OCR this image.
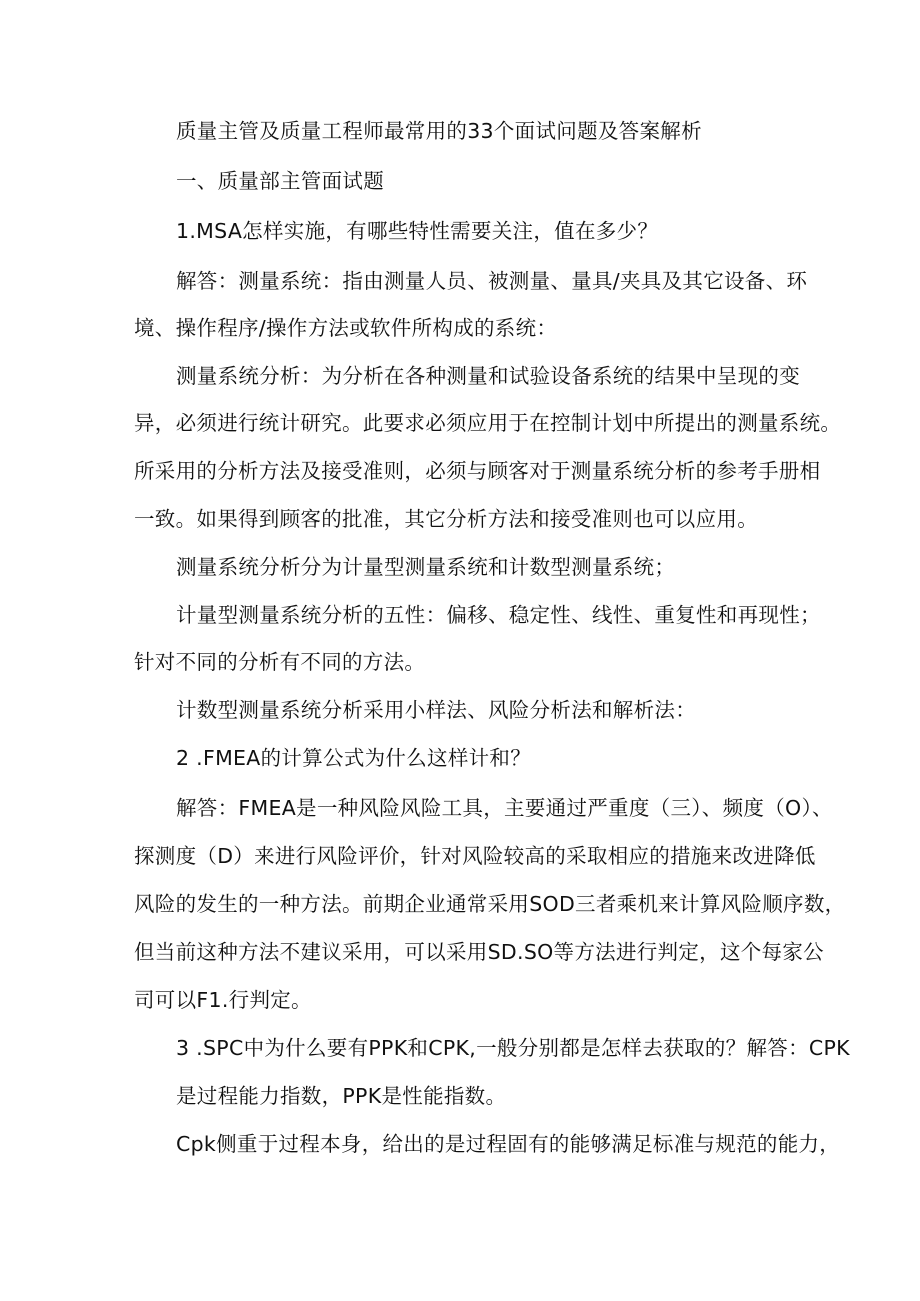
质量主管及质量工程师最常用的33个面试问题及答案解析
一、质量部主管面试题
1.MSA怎样实施，有哪些特性需要关注，值在多少？
解答：测量系统：指由测量人员、被测量、量具/夹具及其它设备、环
境、操作程序/操作方法或软件所构成的系统：
测量系统分析：为分析在各种测量和试验设备系统的结果中呈现的变
异，必须进行统计研究。此要求必须应用于在控制计划中所提出的测量系统。
所采用的分析方法及接受准则，必须与顾客对于测量系统分析的参考手册相
一致。如果得到顾客的批准，其它分析方法和接受准则也可以应用。
测量系统分析分为计量型测量系统和计数型测量系统；
计量型测量系统分析的五性：偏移、稳定性、线性、重复性和再现性；
针对不同的分析有不同的方法。
计数型测量系统分析采用小样法、风险分析法和解析法：
2 .FMEA的计算公式为什么这样计和？
解答：FMEA是一种风险风险工具，主要通过严重度（三）、频度（O）、
探测度（D）来进行风险评价，针对风险较高的采取相应的措施来改进降低
风险的发生的一种方法。前期企业通常采用SOD三者乘机来计算风险顺序数，
但当前这种方法不建议采用，可以采用SD.SO等方法进行判定，这个每家公
司可以F1.行判定。
3 .SPC中为什么要有PPK和CPK,一般分别都是怎样去获取的？解答：CPK
是过程能力指数，PPK是性能指数。
Cpk侧重于过程本身，给出的是过程固有的能够满足标准与规范的能力，
